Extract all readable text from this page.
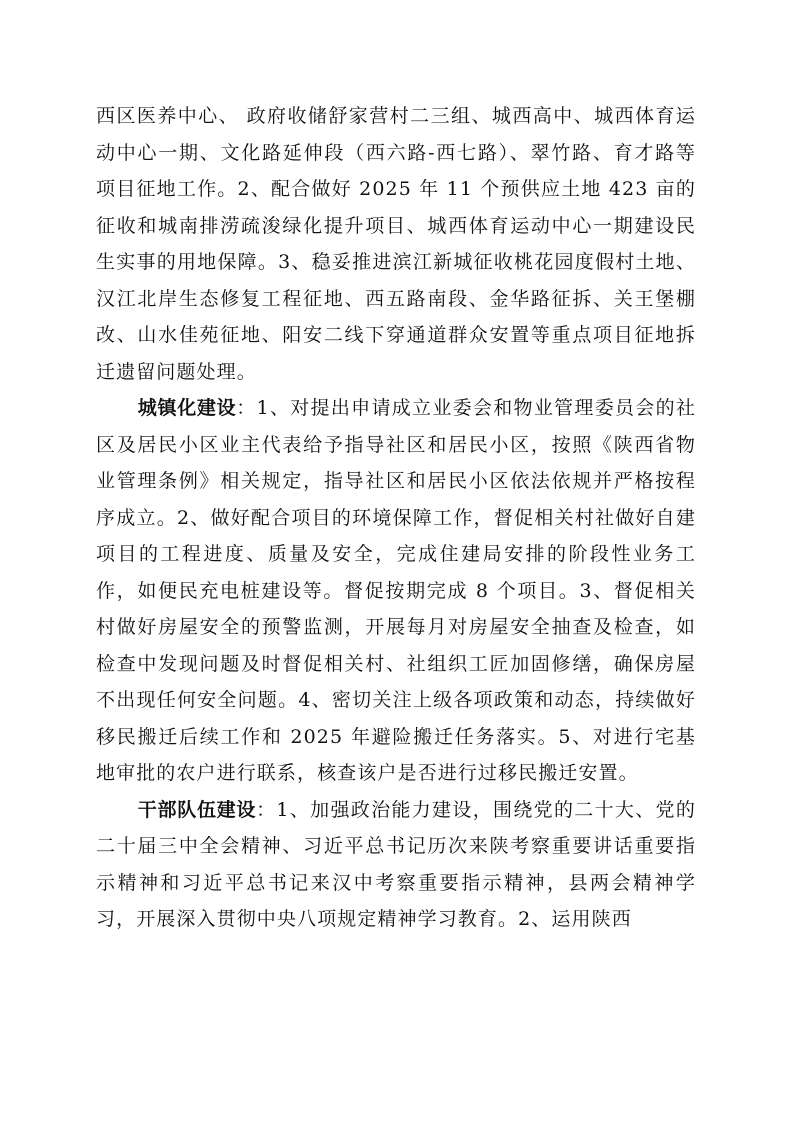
西区医养中心、 政府收储舒家营村二三组、城西高中、城西体育运动中心一期、文化路延伸段（西六路-西七路）、翠竹路、育才路等项目征地工作。2、配合做好 2025 年 11 个预供应土地 423 亩的征收和城南排涝疏浚绿化提升项目、城西体育运动中心一期建设民生实事的用地保障。3、稳妥推进滨江新城征收桃花园度假村土地、汉江北岸生态修复工程征地、西五路南段、金华路征拆、关王堡棚改、山水佳苑征地、阳安二线下穿通道群众安置等重点项目征地拆迁遗留问题处理。

城镇化建设：1、对提出申请成立业委会和物业管理委员会的社区及居民小区业主代表给予指导社区和居民小区，按照《陕西省物业管理条例》相关规定，指导社区和居民小区依法依规并严格按程序成立。2、做好配合项目的环境保障工作，督促相关村社做好自建项目的工程进度、质量及安全，完成住建局安排的阶段性业务工作，如便民充电桩建设等。督促按期完成 8 个项目。3、督促相关村做好房屋安全的预警监测，开展每月对房屋安全抽查及检查，如检查中发现问题及时督促相关村、社组织工匠加固修缮，确保房屋不出现任何安全问题。4、密切关注上级各项政策和动态，持续做好移民搬迁后续工作和 2025 年避险搬迁任务落实。5、对进行宅基地审批的农户进行联系，核查该户是否进行过移民搬迁安置。

干部队伍建设：1、加强政治能力建设，围绕党的二十大、党的二十届三中全会精神、习近平总书记历次来陕考察重要讲话重要指示精神和习近平总书记来汉中考察重要指示精神，县两会精神学习，开展深入贯彻中央八项规定精神学习教育。2、运用陕西
